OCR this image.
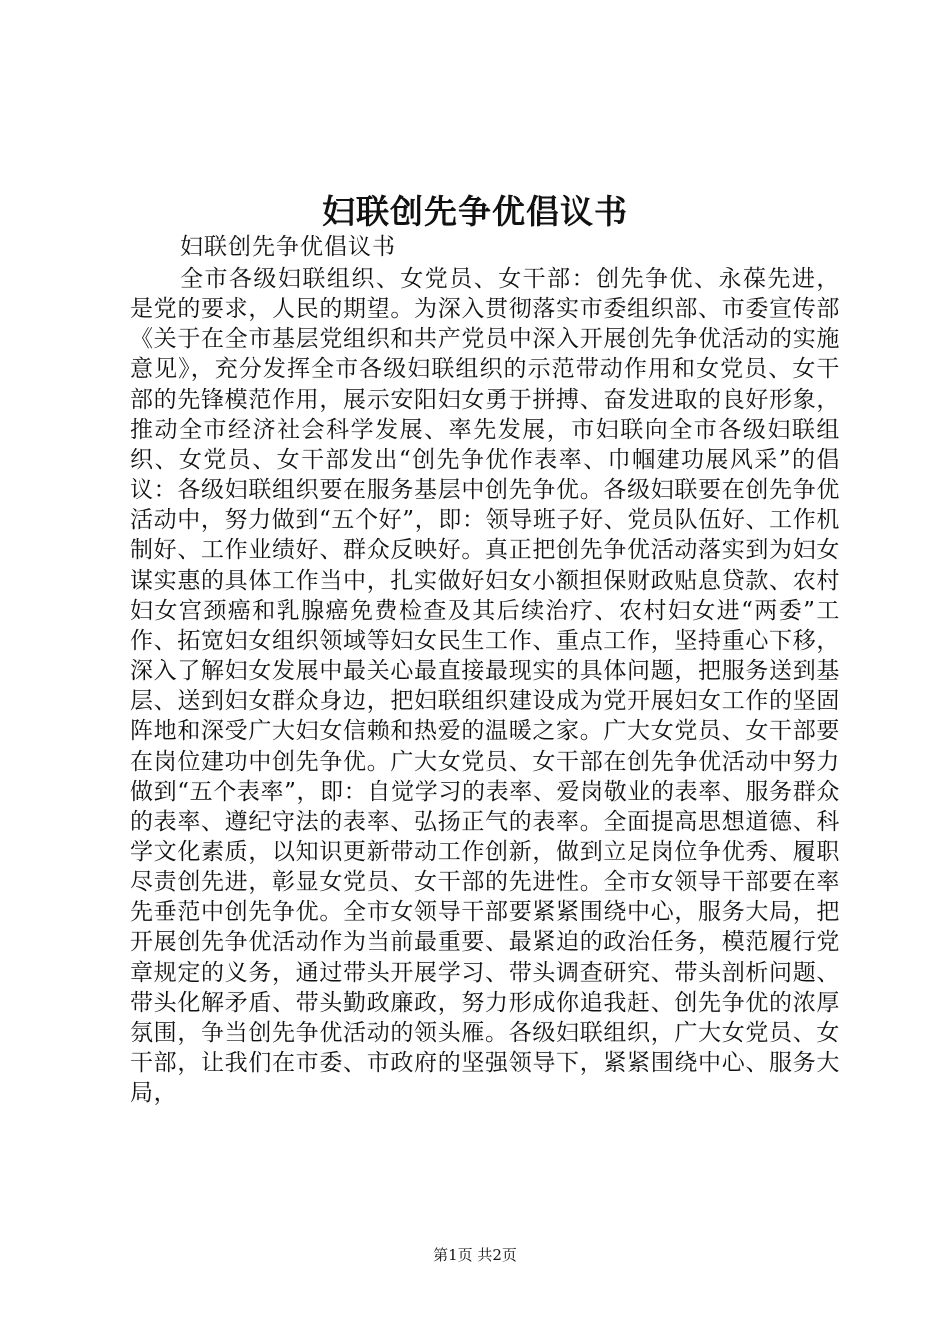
妇联创先争优倡议书

妇联创先争优倡议书

全市各级妇联组织、女党员、女干部：创先争优、永葆先进，是党的要求，人民的期望。为深入贯彻落实市委组织部、市委宣传部《关于在全市基层党组织和共产党员中深入开展创先争优活动的实施意见》，充分发挥全市各级妇联组织的示范带动作用和女党员、女干部的先锋模范作用，展示安阳妇女勇于拼搏、奋发进取的良好形象，推动全市经济社会科学发展、率先发展，市妇联向全市各级妇联组织、女党员、女干部发出“创先争优作表率、巾帼建功展风采”的倡议：各级妇联组织要在服务基层中创先争优。各级妇联要在创先争优活动中，努力做到“五个好”，即：领导班子好、党员队伍好、工作机制好、工作业绩好、群众反映好。真正把创先争优活动落实到为妇女谋实惠的具体工作当中，扎实做好妇女小额担保财政贴息贷款、农村妇女宫颈癌和乳腺癌免费检查及其后续治疗、农村妇女进“两委”工作、拓宽妇女组织领域等妇女民生工作、重点工作，坚持重心下移，深入了解妇女发展中最关心最直接最现实的具体问题，把服务送到基层、送到妇女群众身边，把妇联组织建设成为党开展妇女工作的坚固阵地和深受广大妇女信赖和热爱的温暖之家。广大女党员、女干部要在岗位建功中创先争优。广大女党员、女干部在创先争优活动中努力做到“五个表率”，即：自觉学习的表率、爱岗敬业的表率、服务群众的表率、遵纪守法的表率、弘扬正气的表率。全面提高思想道德、科学文化素质，以知识更新带动工作创新，做到立足岗位争优秀、履职尽责创先进，彰显女党员、女干部的先进性。全市女领导干部要在率先垂范中创先争优。全市女领导干部要紧紧围绕中心，服务大局，把开展创先争优活动作为当前最重要、最紧迫的政治任务，模范履行党章规定的义务，通过带头开展学习、带头调查研究、带头剖析问题、带头化解矛盾、带头勤政廉政，努力形成你追我赶、创先争优的浓厚氛围，争当创先争优活动的领头雁。各级妇联组织，广大女党员、女干部，让我们在市委、市政府的坚强领导下，紧紧围绕中心、服务大局，

第1页 共2页
